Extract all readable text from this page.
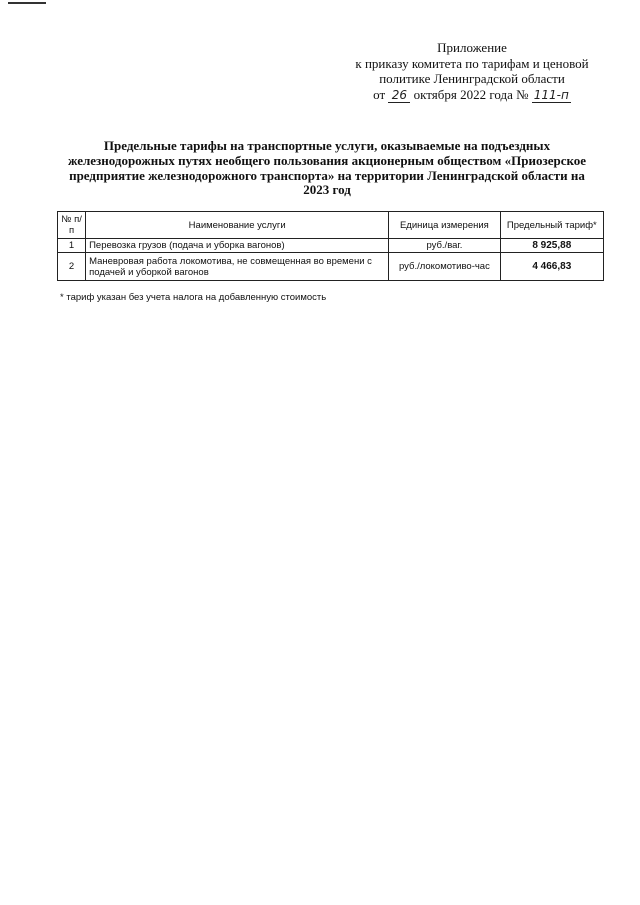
Приложение
к приказу комитета по тарифам и ценовой
политике Ленинградской области
от 26 октября 2022 года № 111-п
Предельные тарифы на транспортные услуги, оказываемые на подъездных
железнодорожных путях необщего пользования акционерным обществом «Приозерское
предприятие железнодорожного транспорта» на территории Ленинградской области на
2023 год
№ п/п	Наименование услуги	Единица измерения	Предельный тариф*
1	Перевозка грузов (подача и уборка вагонов)	руб./ваг.	8 925,88
2	Маневровая работа локомотива, не совмещенная во времени с подачей и уборкой вагонов	руб./локомотиво-час	4 466,83
* тариф указан без учета налога на добавленную стоимость
